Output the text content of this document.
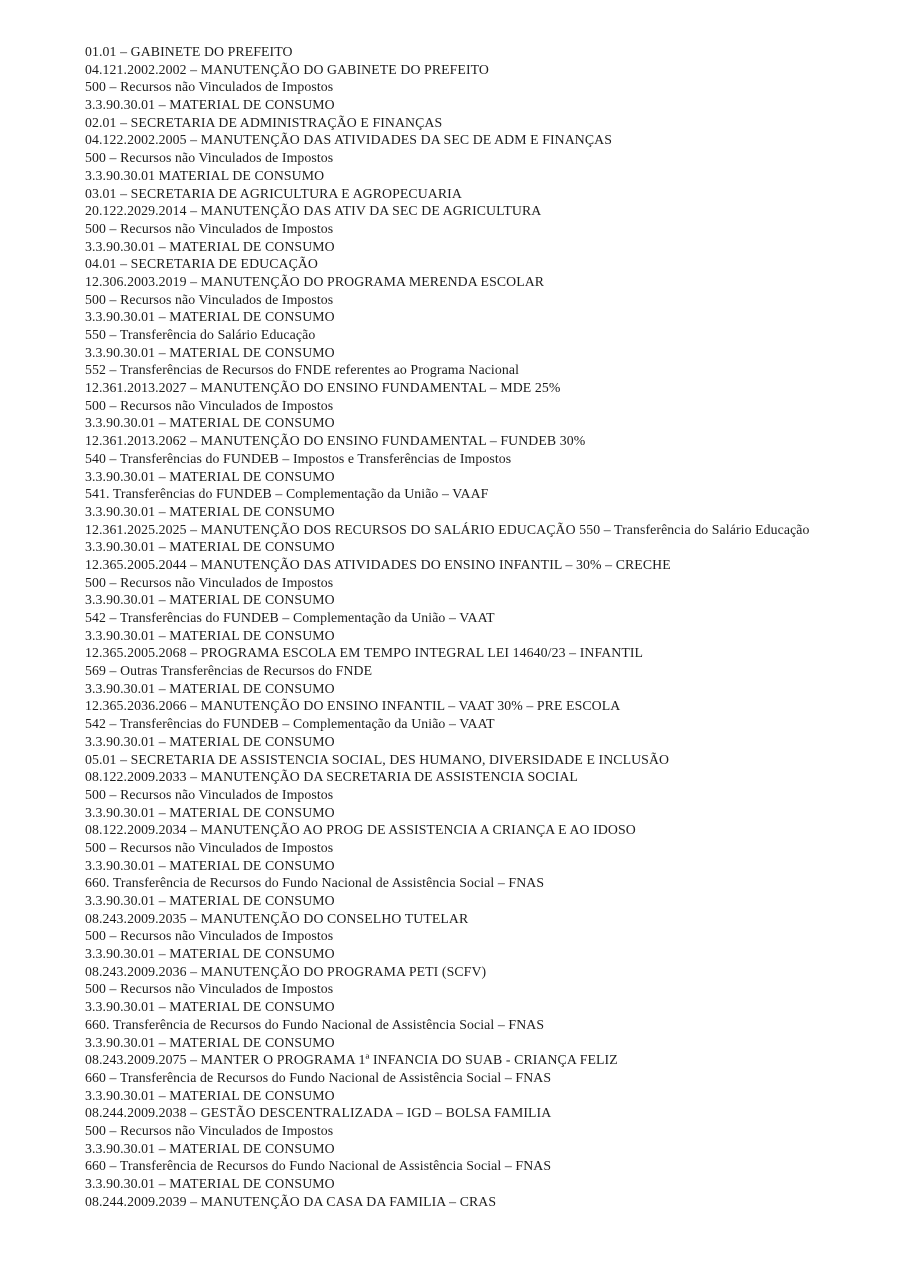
01.01 – GABINETE DO PREFEITO
04.121.2002.2002 – MANUTENÇÃO DO GABINETE DO PREFEITO
500 – Recursos não Vinculados de Impostos
3.3.90.30.01 – MATERIAL DE CONSUMO
02.01 – SECRETARIA DE ADMINISTRAÇÃO E FINANÇAS
04.122.2002.2005 – MANUTENÇÃO DAS ATIVIDADES DA SEC DE ADM E FINANÇAS
500 – Recursos não Vinculados de Impostos
3.3.90.30.01 MATERIAL DE CONSUMO
03.01 – SECRETARIA DE AGRICULTURA E AGROPECUARIA
20.122.2029.2014 – MANUTENÇÃO DAS ATIV DA SEC DE AGRICULTURA
500 – Recursos não Vinculados de Impostos
3.3.90.30.01 – MATERIAL DE CONSUMO
04.01 – SECRETARIA DE EDUCAÇÃO
12.306.2003.2019 – MANUTENÇÃO DO PROGRAMA MERENDA ESCOLAR
500 – Recursos não Vinculados de Impostos
3.3.90.30.01 – MATERIAL DE CONSUMO
550 – Transferência do Salário Educação
3.3.90.30.01 – MATERIAL DE CONSUMO
552 – Transferências de Recursos do FNDE referentes ao Programa Nacional
12.361.2013.2027 – MANUTENÇÃO DO ENSINO FUNDAMENTAL – MDE 25%
500 – Recursos não Vinculados de Impostos
3.3.90.30.01 – MATERIAL DE CONSUMO
12.361.2013.2062 – MANUTENÇÃO DO ENSINO FUNDAMENTAL – FUNDEB 30%
540 – Transferências do FUNDEB – Impostos e Transferências de Impostos
3.3.90.30.01 – MATERIAL DE CONSUMO
541. Transferências do FUNDEB – Complementação da União – VAAF
3.3.90.30.01 – MATERIAL DE CONSUMO
12.361.2025.2025 – MANUTENÇÃO DOS RECURSOS DO SALÁRIO EDUCAÇÃO 550 – Transferência do Salário Educação
3.3.90.30.01 – MATERIAL DE CONSUMO
12.365.2005.2044 – MANUTENÇÃO DAS ATIVIDADES DO ENSINO INFANTIL – 30% – CRECHE
500 – Recursos não Vinculados de Impostos
3.3.90.30.01 – MATERIAL DE CONSUMO
542 – Transferências do FUNDEB – Complementação da União – VAAT
3.3.90.30.01 – MATERIAL DE CONSUMO
12.365.2005.2068 – PROGRAMA ESCOLA EM TEMPO INTEGRAL LEI 14640/23 – INFANTIL
569 – Outras Transferências de Recursos do FNDE
3.3.90.30.01 – MATERIAL DE CONSUMO
12.365.2036.2066 – MANUTENÇÃO DO ENSINO INFANTIL – VAAT 30% – PRE ESCOLA
542 – Transferências do FUNDEB – Complementação da União – VAAT
3.3.90.30.01 – MATERIAL DE CONSUMO
05.01 – SECRETARIA DE ASSISTENCIA SOCIAL, DES HUMANO, DIVERSIDADE E INCLUSÃO
08.122.2009.2033 – MANUTENÇÃO DA SECRETARIA DE ASSISTENCIA SOCIAL
500 – Recursos não Vinculados de Impostos
3.3.90.30.01 – MATERIAL DE CONSUMO
08.122.2009.2034 – MANUTENÇÃO AO PROG DE ASSISTENCIA A CRIANÇA E AO IDOSO
500 – Recursos não Vinculados de Impostos
3.3.90.30.01 – MATERIAL DE CONSUMO
660. Transferência de Recursos do Fundo Nacional de Assistência Social – FNAS
3.3.90.30.01 – MATERIAL DE CONSUMO
08.243.2009.2035 – MANUTENÇÃO DO CONSELHO TUTELAR
500 – Recursos não Vinculados de Impostos
3.3.90.30.01 – MATERIAL DE CONSUMO
08.243.2009.2036 – MANUTENÇÃO DO PROGRAMA PETI (SCFV)
500 – Recursos não Vinculados de Impostos
3.3.90.30.01 – MATERIAL DE CONSUMO
660. Transferência de Recursos do Fundo Nacional de Assistência Social – FNAS
3.3.90.30.01 – MATERIAL DE CONSUMO
08.243.2009.2075 – MANTER O PROGRAMA 1ª INFANCIA DO SUAB - CRIANÇA FELIZ
660 – Transferência de Recursos do Fundo Nacional de Assistência Social – FNAS
3.3.90.30.01 – MATERIAL DE CONSUMO
08.244.2009.2038 – GESTÃO DESCENTRALIZADA – IGD – BOLSA FAMILIA
500 – Recursos não Vinculados de Impostos
3.3.90.30.01 – MATERIAL DE CONSUMO
660 – Transferência de Recursos do Fundo Nacional de Assistência Social – FNAS
3.3.90.30.01 – MATERIAL DE CONSUMO
08.244.2009.2039 – MANUTENÇÃO DA CASA DA FAMILIA – CRAS
